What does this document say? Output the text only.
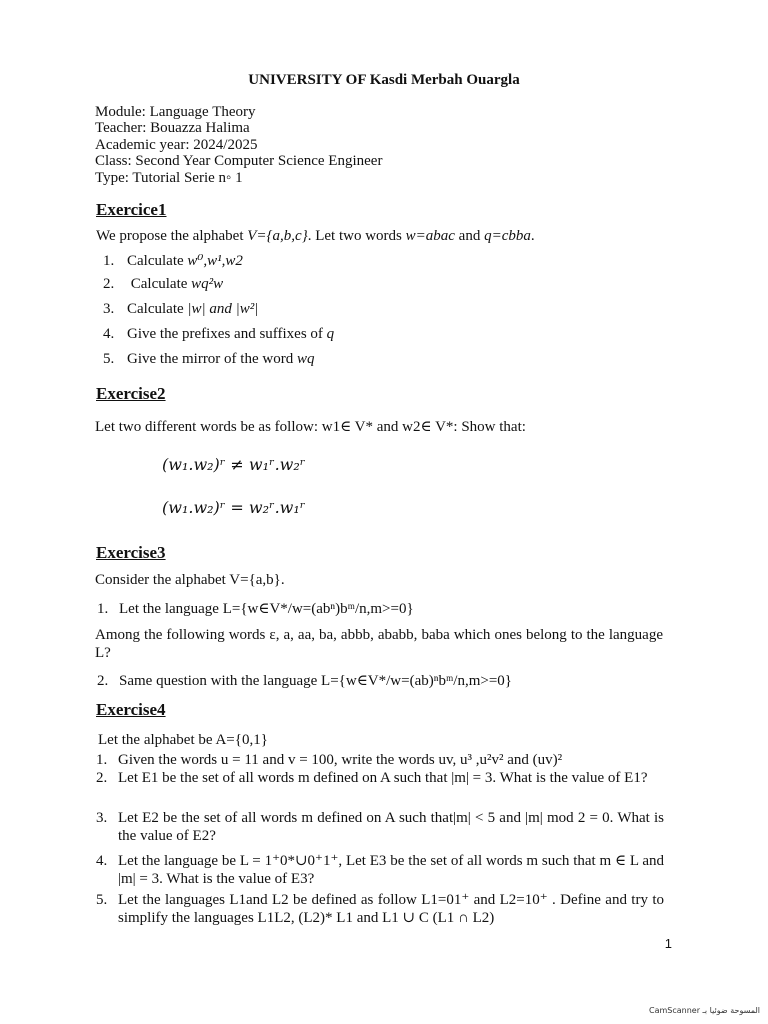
UNIVERSITY OF Kasdi Merbah Ouargla
Module: Language Theory
Teacher: Bouazza Halima
Academic year: 2024/2025
Class: Second Year Computer Science Engineer
Type: Tutorial Serie n◦ 1
Exercice1
We propose the alphabet V={a,b,c}. Let two words w=abac and q=cbba.
1. Calculate w⁰,w¹,w2
2. Calculate wq²w
3. Calculate |w| and |w²|
4. Give the prefixes and suffixes of q
5. Give the mirror of the word wq
Exercise2
Let two different words be as follow: w1∈ V* and w2∈ V*: Show that:
(w₁.w₂)ʳ ≠ w₁ʳ.w₂ʳ
(w₁.w₂)ʳ = w₂ʳ.w₁ʳ
Exercise3
Consider the alphabet V={a,b}.
1. Let the language L={w∈V*/w=(abⁿ)bᵐ/n,m>=0}
Among the following words ε, a, aa, ba, abbb, ababb, baba which ones belong to the language L?
2. Same question with the language L={w∈V*/w=(ab)ⁿbᵐ/n,m>=0}
Exercise4
Let the alphabet be A={0,1}
1. Given the words u = 11 and v = 100, write the words uv, u³ ,u²v² and (uv)²
2. Let E1 be the set of all words m defined on A such that |m| = 3. What is the value of E1?
3. Let E2 be the set of all words m defined on A such that|m| < 5 and |m| mod 2 = 0. What is the value of E2?
4. Let the language be L = 1⁺0*∪0⁺1⁺, Let E3 be the set of all words m such that m ∈ L and |m| = 3. What is the value of E3?
5. Let the languages L1and L2 be defined as follow L1=01⁺ and L2=10⁺ . Define and try to simplify the languages L1L2, (L2)* L1 and L1 ∪ C (L1 ∩ L2)
1
CamScanner المسوحة ضوئيا بـ
